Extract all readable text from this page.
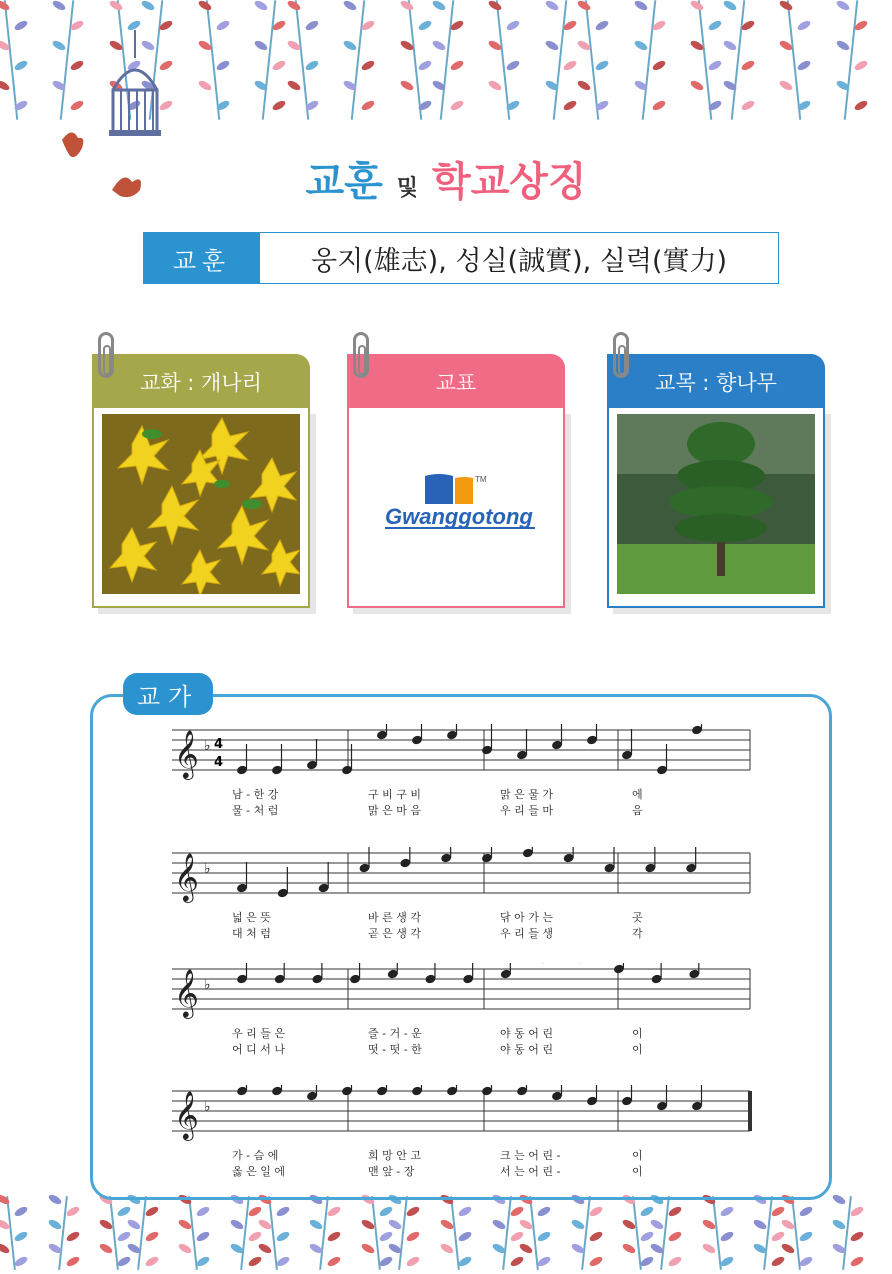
교훈 및 학교상징
교훈	웅지(雄志), 성실(誠實), 실력(實力)
교화 : 개나리	교표
TM
Gwanggotong
교목 : 향나무
교가
𝄞 ♭ 4
4
남 - 한 강	구 비 구 비	맑 은 물 가	에
물 - 처 럼	맑 은 마 음	우 리 들 마	음
𝄞 ♭
넓 은 뜻	바 른 생 각	닦 아 가 는	곳
대 처 럼	곧 은 생 각	우 리 들 생	각
𝄞 ♭
우 리 들 은	즐 - 거 - 운	야 동 어 린	이
어 디 서 나	떳 - 떳 - 한	야 동 어 린	이
𝄞 ♭
가 - 슴 에	희 망 안 고	크 는 어 린 -	이
옳 은 일 에	맨 앞 - 장	서 는 어 린 -	이
